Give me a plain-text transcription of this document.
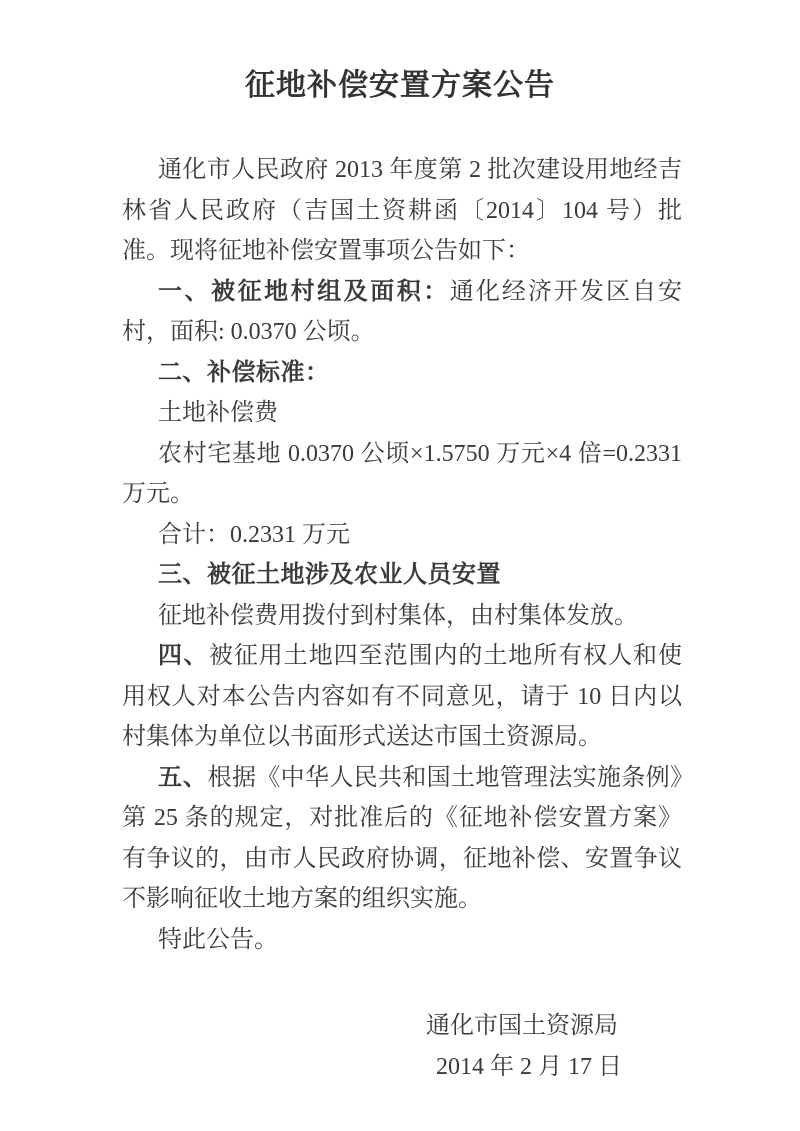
征地补偿安置方案公告

通化市人民政府 2013 年度第 2 批次建设用地经吉林省人民政府（吉国土资耕函〔2014〕104 号）批准。现将征地补偿安置事项公告如下：

一、被征地村组及面积：通化经济开发区自安村，面积: 0.0370 公顷。

二、补偿标准：

土地补偿费

农村宅基地 0.0370 公顷×1.5750 万元×4 倍=0.2331 万元。

合计：0.2331 万元

三、被征土地涉及农业人员安置

征地补偿费用拨付到村集体，由村集体发放。

四、被征用土地四至范围内的土地所有权人和使用权人对本公告内容如有不同意见，请于 10 日内以村集体为单位以书面形式送达市国土资源局。

五、根据《中华人民共和国土地管理法实施条例》第 25 条的规定，对批准后的《征地补偿安置方案》有争议的，由市人民政府协调，征地补偿、安置争议不影响征收土地方案的组织实施。

特此公告。

通化市国土资源局
2014 年 2 月 17 日
